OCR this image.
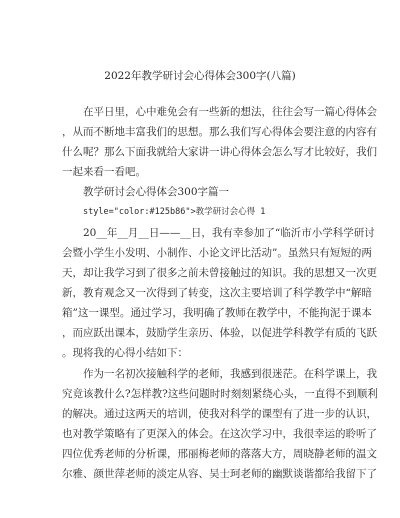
2022年教学研讨会心得体会300字(八篇)
在平日里，心中难免会有一些新的想法，往往会写一篇心得体会
，从而不断地丰富我们的思想。那么我们写心得体会要注意的内容有
什么呢？那么下面我就给大家讲一讲心得体会怎么写才比较好，我们
一起来看一看吧。
教学研讨会心得体会300字篇一
style="color:#125b86">教学研讨会心得 1
20__年__月__日——__日，我有幸参加了“临沂市小学科学研讨
会暨小学生小发明、小制作、小论文评比活动”。虽然只有短短的两
天，却让我学习到了很多之前未曾接触过的知识。我的思想又一次更
新，教育观念又一次得到了转变，这次主要培训了科学教学中“解暗
箱”这一课型。通过学习，我明确了教师在教学中，不能拘泥于课本
，而应跃出课本，鼓励学生亲历、体验，以促进学科教学有质的飞跃
。现将我的心得小结如下：
作为一名初次接触科学的老师，我感到很迷茫。在科学课上，我
究竟该教什么?怎样教?这些问题时时刻刻紧绕心头，一直得不到顺利
的解决。通过这两天的培训，使我对科学的课型有了进一步的认识，
也对教学策略有了更深入的体会。在这次学习中，我很幸运的聆听了
四位优秀老师的分析课，邢丽梅老师的落落大方，周晓静老师的温文
尔雅、颜世萍老师的淡定从容、吴士珂老师的幽默谈谐都给我留下了
